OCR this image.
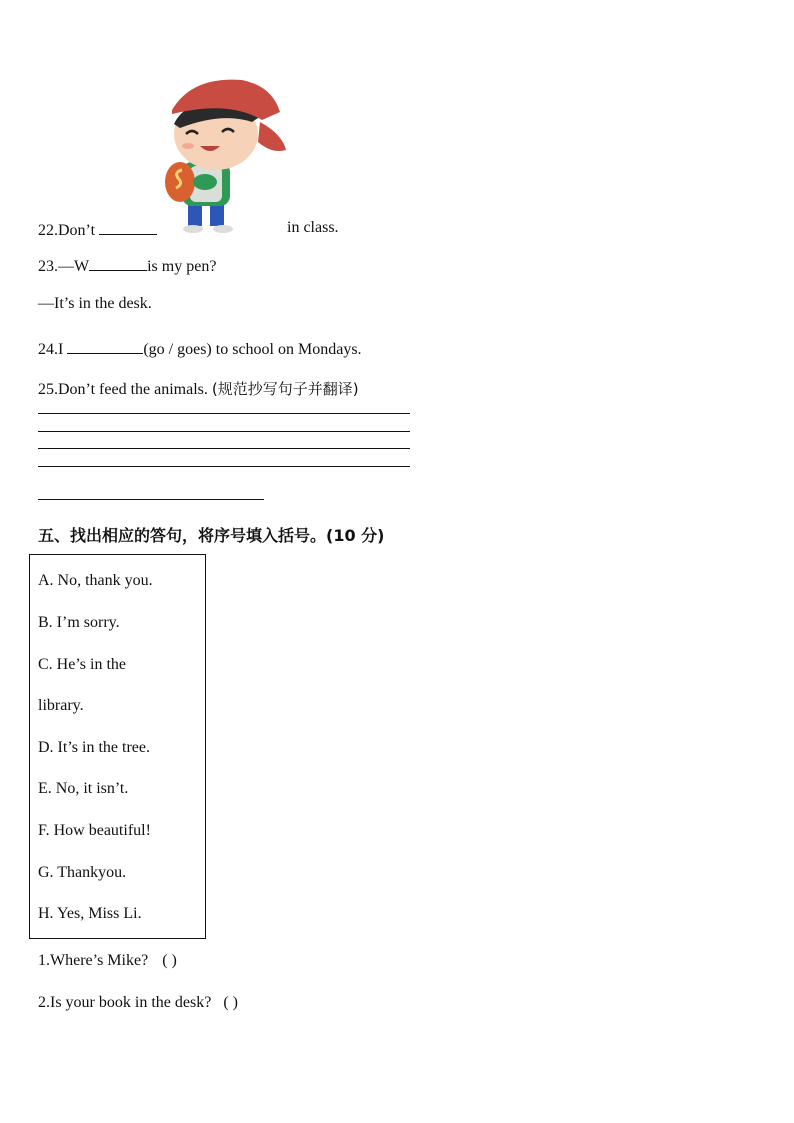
22.Don’t	in class.
23.—W	is my pen?
—It’s in the desk.
24.I	(go / goes) to school on Mondays.
25.Don’t feed the animals. (规范抄写句子并翻译)
五、找出相应的答句，将序号填入括号。(10 分)
A. No, thank you.
B. I’m sorry.
C. He’s in the
library.
D. It’s in the tree.
E. No, it isn’t.
F. How beautiful!
G. Thankyou.
H. Yes, Miss Li.
1.Where’s Mike? ( )
2.Is your book in the desk? ( )
